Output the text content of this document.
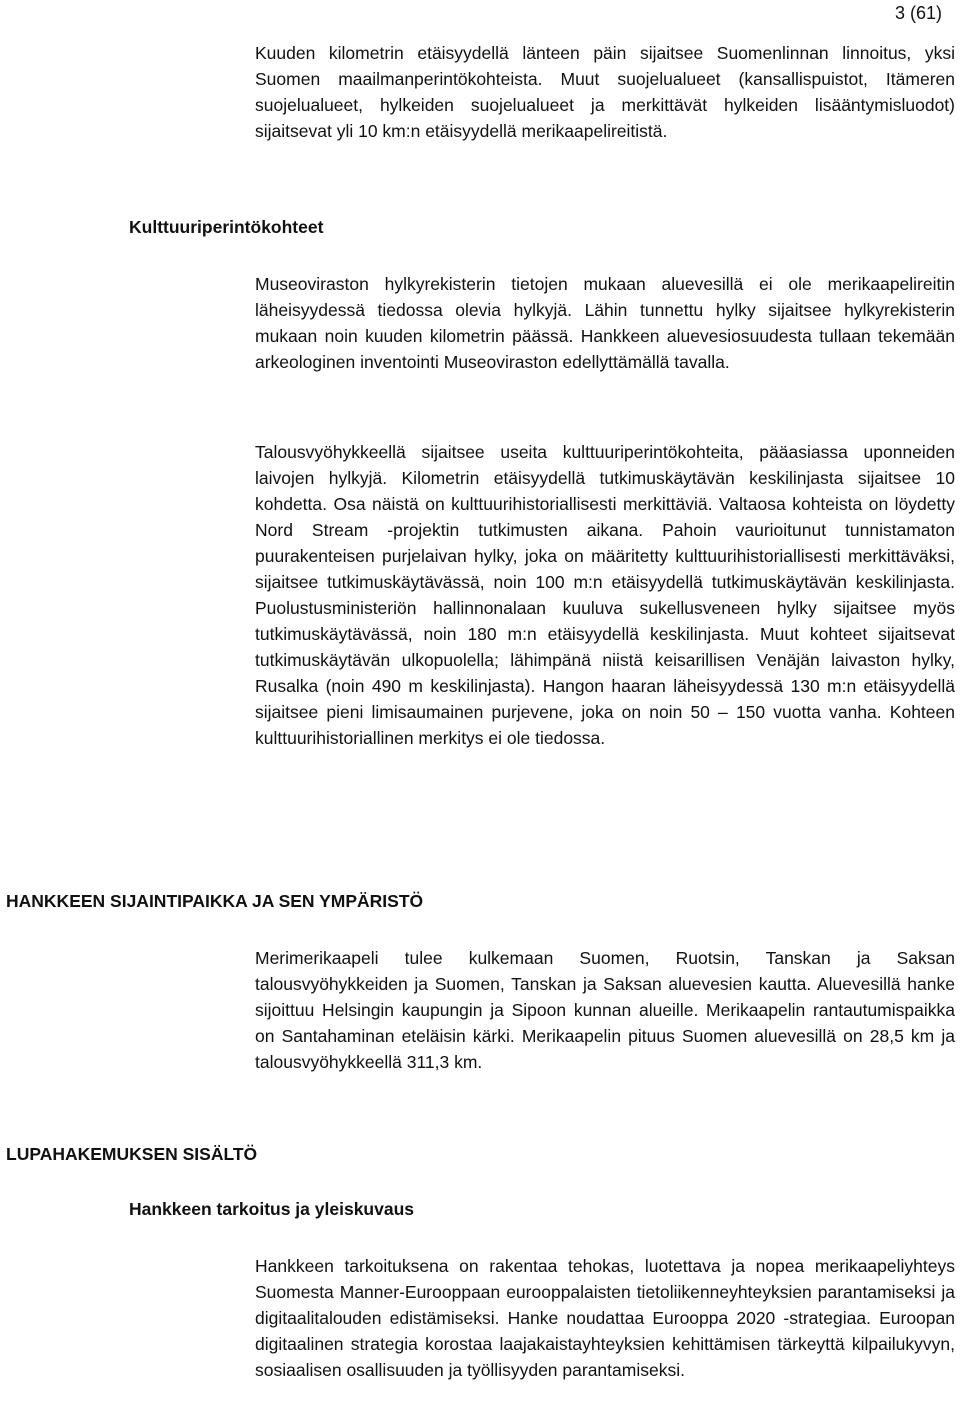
3 (61)

Kuuden kilometrin etäisyydellä länteen päin sijaitsee Suomenlinnan linnoitus, yksi Suomen maailmanperintökohteista. Muut suojelualueet (kansallispuistot, Itämeren suojelualueet, hylkeiden suojelualueet ja merkittävät hylkeiden lisääntymisluodot) sijaitsevat yli 10 km:n etäisyydellä merikaapelireitistä.

Kulttuuriperintökohteet

Museoviraston hylkyrekisterin tietojen mukaan aluevesillä ei ole merikaapelireitin läheisyydessä tiedossa olevia hylkyjä. Lähin tunnettu hylky sijaitsee hylkyrekisterin mukaan noin kuuden kilometrin päässä. Hankkeen aluevesiosuudesta tullaan tekemään arkeologinen inventointi Museoviraston edellyttämällä tavalla.

Talousvyöhykkeellä sijaitsee useita kulttuuriperintökohteita, pääasiassa uponneiden laivojen hylkyjä. Kilometrin etäisyydellä tutkimuskäytävän keskilinjasta sijaitsee 10 kohdetta. Osa näistä on kulttuurihistoriallisesti merkittäviä. Valtaosa kohteista on löydetty Nord Stream -projektin tutkimusten aikana. Pahoin vaurioitunut tunnistamaton puurakenteisen purjelaivan hylky, joka on määritetty kulttuurihistoriallisesti merkittäväksi, sijaitsee tutkimuskäytävässä, noin 100 m:n etäisyydellä tutkimuskäytävän keskilinjasta. Puolustusministeriön hallinnonalaan kuuluva sukellusveneen hylky sijaitsee myös tutkimuskäytävässä, noin 180 m:n etäisyydellä keskilinjasta. Muut kohteet sijaitsevat tutkimuskäytävän ulkopuolella; lähimpänä niistä keisarillisen Venäjän laivaston hylky, Rusalka (noin 490 m keskilinjasta). Hangon haaran läheisyydessä 130 m:n etäisyydellä sijaitsee pieni limisaumainen purjevene, joka on noin 50 – 150 vuotta vanha. Kohteen kulttuurihistoriallinen merkitys ei ole tiedossa.

HANKKEEN SIJAINTIPAIKKA JA SEN YMPÄRISTÖ

Merimerikaapeli tulee kulkemaan Suomen, Ruotsin, Tanskan ja Saksan talousvyöhykkeiden ja Suomen, Tanskan ja Saksan aluevesien kautta. Aluevesillä hanke sijoittuu Helsingin kaupungin ja Sipoon kunnan alueille. Merikaapelin rantautumispaikka on Santahaminan eteläisin kärki. Merikaapelin pituus Suomen aluevesillä on 28,5 km ja talousvyöhykkeellä 311,3 km.

LUPAHAKEMUKSEN SISÄLTÖ
Hankkeen tarkoitus ja yleiskuvaus

Hankkeen tarkoituksena on rakentaa tehokas, luotettava ja nopea merikaapeliyhteys Suomesta Manner-Eurooppaan eurooppalaisten tietoliikenneyhteyksien parantamiseksi ja digitaalitalouden edistämiseksi. Hanke noudattaa Eurooppa 2020 -strategiaa. Euroopan digitaalinen strategia korostaa laajakaistayhteyksien kehittämisen tärkeyttä kilpailukyvyn, sosiaalisen osallisuuden ja työllisyyden parantamiseksi.
